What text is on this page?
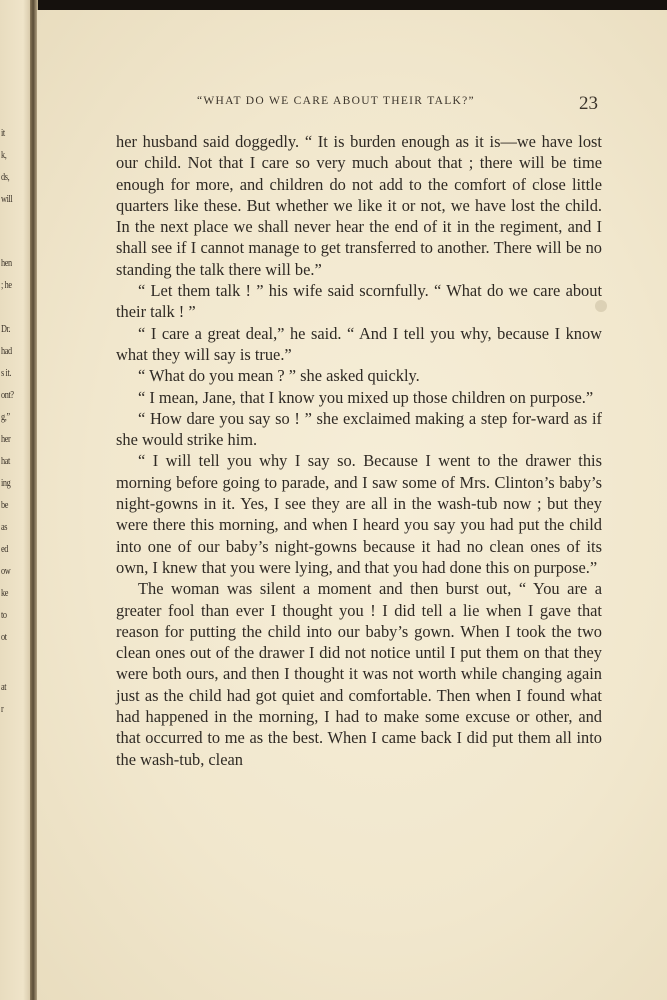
it
k,
ds,
will
hen
; he
Dr.
had
s it.
ont?
g,”
her
hat
ing
be
as
ed
ow
ke
to
ot
at
r
“WHAT DO WE CARE ABOUT THEIR TALK?”	23

her husband said doggedly. “ It is burden enough as it is—we have lost our child. Not that I care so very much about that ; there will be time enough for more, and children do not add to the comfort of close little quarters like these. But whether we like it or not, we have lost the child. In the next place we shall never hear the end of it in the regiment, and I shall see if I cannot manage to get transferred to another. There will be no standing the talk there will be.”

“ Let them talk ! ” his wife said scornfully. “ What do we care about their talk ! ”

“ I care a great deal,” he said. “ And I tell you why, because I know what they will say is true.”

“ What do you mean ? ” she asked quickly.

“ I mean, Jane, that I know you mixed up those children on purpose.”

“ How dare you say so ! ” she exclaimed making a step for-ward as if she would strike him.

“ I will tell you why I say so. Because I went to the drawer this morning before going to parade, and I saw some of Mrs. Clinton’s baby’s night-gowns in it. Yes, I see they are all in the wash-tub now ; but they were there this morning, and when I heard you say you had put the child into one of our baby’s night-gowns because it had no clean ones of its own, I knew that you were lying, and that you had done this on purpose.”

The woman was silent a moment and then burst out, “ You are a greater fool than ever I thought you ! I did tell a lie when I gave that reason for putting the child into our baby’s gown. When I took the two clean ones out of the drawer I did not notice until I put them on that they were both ours, and then I thought it was not worth while changing again just as the child had got quiet and comfortable. Then when I found what had happened in the morning, I had to make some excuse or other, and that occurred to me as the best. When I came back I did put them all into the wash-tub, clean
